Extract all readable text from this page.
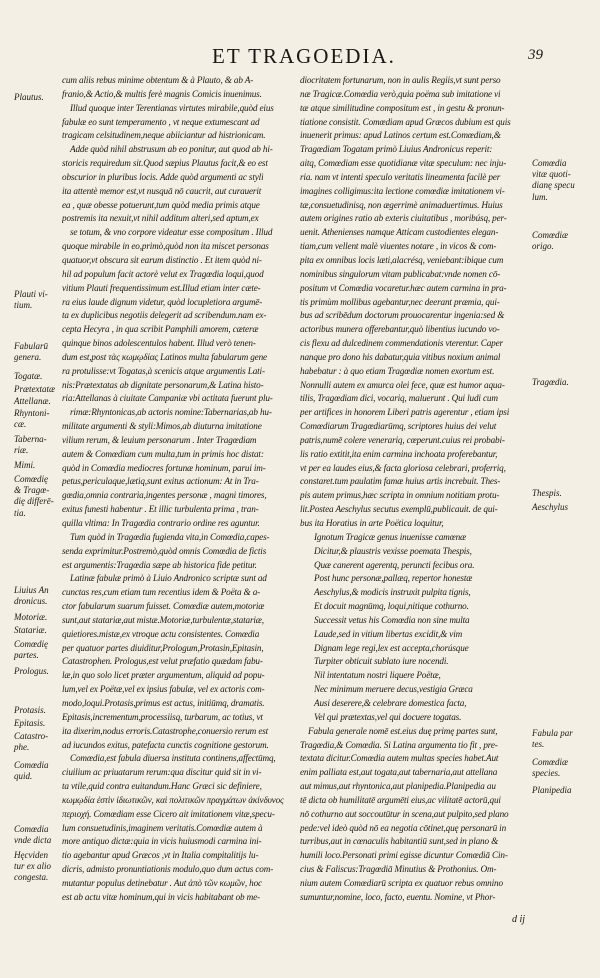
ET TRAGOEDIA.	39
cum aliis rebus minime obtentum & à Plauto, & ab A-
franio,& Actio,& multis ferè magnis Comicis inuenimus.
Illud quoque inter Terentianas virtutes mirabile,quòd eius
fabulæ eo sunt temperamento , vt neque extumescant ad
tragicam celsitudinem,neque abiiciantur ad histrionicam.
Adde quòd nihil abstrusum ab eo ponitur, aut quod ab hi-
storicis requiredum sit.Quod sæpius Plautus facit,& eo est
obscurior in pluribus locis. Adde quòd argumenti ac stylì
ita attentè memor est,vt nusquā nō caucrit, aut curauerit
ea , quæ obesse potuerunt,tum quòd media primis atque
postremis ita nexuit,vt nihil additum alteri,sed aptum,ex
se totum, & vno corpore videatur esse compositum . Illud
quoque mirabile in eo,primò,quòd non ita miscet personas
quatuor,vt obscura sit earum distinctio . Et item quòd ni-
hil ad populum facit actorè velut ex Tragœdia loqui,quod
vitium Plauti frequentissimum est.Illud etiam inter cæte-
ra eius laude dignum videtur, quòd locupletiora argumē-
ta ex duplicibus negotiis delegerit ad scribendum.nam ex-
cepta Hecyra , in qua scribit Pamphili amorem, cæteræ
quinque binos adolescentulos habent. Illud verò tenen-
dum est,post τὰς κωμῳδίας Latinos multa fabularum gene
ra protulisse:vt Togatas,à scenicis atque argumentis Lati-
nis:Prætextatas ab dignitate personarum,& Latina histo-
ria:Attellanas à ciuitate Campaniæ vbi actitata fuerunt plu-
rimæ:Rhyntonicas,ab actoris nomine:Tabernarias,ab hu-
militate argumenti & styli:Mimos,ab diuturna imitatione
vilium rerum, & leuium personarum . Inter Tragœdiam
autem & Comœdiam cum multa,tum in primis hoc distat:
quòd in Comœdia mediocres fortunæ hominum, parui im-
petus,periculaque,lætiq,sunt exitus actionum: At in Tra-
gœdia,omnia contraria,ingentes personæ , magni timores,
exitus funesti habentur . Et illic turbulenta prima , tran-
quilla vltima: In Tragœdia contrario ordine res aguntur.
Tum quòd in Tragœdia fugienda vita,in Comœdia,capes-
senda exprimitur.Postremò,quòd omnis Comœdia de fictis
est argumentis:Tragœdia sæpe ab historica fide petitur.
Latinæ fabulæ primò à Liuio Andronico scriptæ sunt ad
cunctas res,cum etiam tum recentius idem & Poëta & a-
ctor fabularum suarum fuisset. Comœdiæ autem,motoriæ
sunt,aut statariæ,aut mistæ.Motoriæ,turbulentæ,statariæ,
quietiores.mistæ,ex vtroque actu consistentes. Comœdia
per quatuor partes diuiditur,Prologum,Protasin,Epitasin,
Catastrophen. Prologus,est velut præfatio quædam fabu-
læ,in quo solo licet præter argumentum, aliquid ad popu-
lum,vel ex Poëtæ,vel ex ipsius fabulæ, vel ex actoris com-
modo,loqui.Protasis,primus est actus, initiūmq, dramatis.
Epitasis,incrementum,processiisq, turbarum, ac totius, vt
ita dixerim,nodus erroris.Catastrophe,conuersio rerum est
ad iucundos exitus, patefacta cunctis cognitione gestorum.
Comœdia,est fabula diuersa instituta continens,affectūmq,
ciuilium ac priuatarum rerum:qua discitur quid sit in vi-
ta vtile,quid contra euitandum.Hanc Græci sic definiere,
κωμῳδία ἐστὶν ἰδιωτικῶν, καὶ πολιτικῶν πραγμάτων ἀκίνδυνος
περιοχή. Comœdiam esse Cicero ait imitationem vitæ,specu-
lum consuetudinis,imaginem veritatis.Comœdiæ autem à
more antiquo dictæ:quia in vicis huiusmodi carmina ini-
tio agebantur apud Græcos ,vt in Italia compitalitijs lu-
dicris, admisto pronuntiationis modulo,quo dum actus com-
mutantur populus detinebatur . Aut ἀπὸ τῶν κωμῶν, hoc
est ab actu vitæ hominum,qui in vicis habitabant ob me-
diocritatem fortunarum, non in aulis Regiis,vt sunt perso
næ Tragicæ.Comœdia verò,quia poëma sub imitatione vi
tæ atque similitudine compositum est , in gestu & pronun-
tiatione consistit. Comœdiam apud Græcos dubium est quis
inuenerit primus: apud Latinos certum est.Comœdiam,&
Tragœdiam Togatam primò Liuius Andronicus reperit:
aitq, Comœdiam esse quotidianæ vitæ speculum: nec inju-
ria. nam vt intenti speculo veritatis lineamenta facilè per
imagines colligimus:ita lectione comœdiæ imitationem vi-
tæ,consuetudinisq, non ægerrimè animaduertimus. Huius
autem origines ratio ab exteris ciuitatibus , moribúsq, per-
uenit. Athenienses namque Atticam custodientes elegan-
tiam,cum vellent malè viuentes notare , in vicos & com-
pita ex omnibus locis læti,alacrésq, veniebant:ibique cum
nominibus singulorum vitam publicabat:vnde nomen cō-
positum vt Comœdia vocaretur.hæc autem carmina in pra-
tis primùm mollibus agebantur,nec deerant præmia, qui-
bus ad scribēdum doctorum prouocarentur ingenia:sed &
actoribus munera offerebantur,quò libentius iucundo vo-
cis flexu ad dulcedinem commendationis vterentur. Caper
nanque pro dono his dabatur,quia vitibus noxium animal
habebatur : à quo etiam Tragœdiæ nomen exortum est.
Nonnulli autem ex amurca olei fece, quæ est humor aqua-
tilis, Tragœdiam dici, vocariq, maluerunt . Qui ludi cum
per artifices in honorem Liberi patris agerentur , etiam ipsi
Comœdiarum Tragœdiarūmq, scriptores huius dei velut
patris,numē colere venerariq, cœperunt.cuius rei probabi-
lis ratio extitit,ita enim carmina inchoata proferebantur,
vt per ea laudes eius,& facta gloriosa celebrari, proferriq,
constaret.tum paulatim famæ huius artis increbuit. Thes-
pis autem primus,hæc scripta in omnium notitiam protu-
lit.Postea Aeschylus secutus exemplū,publicauit. de qui-
bus ita Horatius in arte Poëtica loquitur,
Ignotum Tragicæ genus inuenisse camœnæ
Dicitur,& plaustris vexisse poemata Thespis,
Quæ canerent agerentq, peruncti fecibus ora.
Post hunc personæ,pallæq, repertor honestæ
Aeschylus,& modicis instruxit pulpita tignis,
Et docuit magnūmq, loqui,nitique cothurno.
Successit vetus his Comœdia non sine multa
Laude,sed in vitium libertas excidit,& vim
Dignam lege regi,lex est accepta,chorúsque
Turpiter obticuit sublato iure nocendi.
Nil intentatum nostri liquere Poëtæ,
Nec minimum meruere decus,vestigia Græca
Ausi deserere,& celebrare domestica facta,
Vel qui prætextas,vel qui docuere togatas.
Fabula generale nomē est.eius duę primę partes sunt,
Tragœdia,& Comœdia. Si Latina argumenta tio fit , pre-
textata dicitur.Comœdia autem multas species habet.Aut
enim palliata est,aut togata,aut tabernaria,aut attellana
aut mimus,aut rhyntonica,aut planipedia.Planipedia au
tē dicta ob humilitatē argumēti eius,ac vilitatē actorū,qui
nō cothurno aut soccoutūtur in scena,aut pulpito,sed plano
pede:vel ideò quòd nō ea negotia cōtinet,quę personarū in
turribus,aut in cœnaculis habitantiū sunt,sed in plano &
humili loco.Personati primi egisse dicuntur Comœdiā Cin-
cius & Faliscus:Tragœdiā Minutius & Prothonius. Om-
nium autem Comœdiarū scripta ex quatuor rebus omnino
sumuntur,nomine, loco, facto, euentu. Nomine, vt Phor-
Plautus.
Plauti vi-
tium.
Fabularū
genera.
Togatæ.
Prætextatæ
Attellanæ.
Rhyntoni-
cæ.
Taberna-
riæ.
Mimi.
Comœdię
& Tragœ-
dię differē-
tia.
Liuius An
dronicus.
Motoriæ.
Statariæ.
Comœdię
partes.
Prologus.
Protasis.
Epitasis.
Catastro-
phe.
Comœdia
quid.
Comœdia
vnde dicta
Hęcviden
tur ex alio
congesta.
Comœdia
vitæ quoti-
dianę specu
lum.
Comœdiæ
origo.
Tragœdia.
Thespis.
Aeschylus
Fabula par
tes.
Comœdiæ
species.
Planipedia
d ij
